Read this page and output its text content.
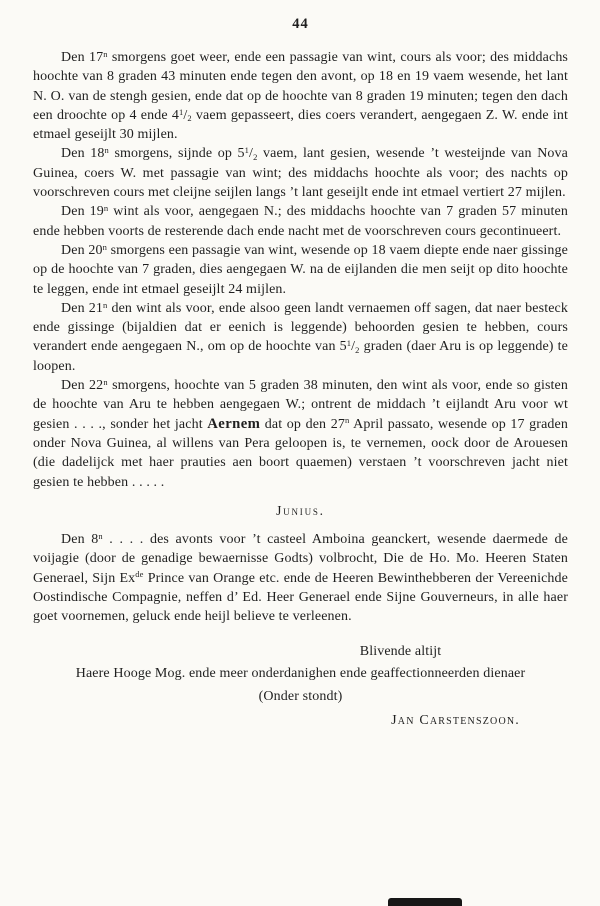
44

Den 17$^n$ smorgens goet weer, ende een passagie van wint, cours als voor; des middachs hoochte van 8 graden 43 minuten ende tegen den avont, op 18 en 19 vaem wesende, het lant N. O. van de stengh gesien, ende dat op de hoochte van 8 graden 19 minuten; tegen den dach een droochte op 4 ende $4^1/_2$ vaem gepasseert, dies coers verandert, aengegaen Z. W. ende int etmael geseijlt 30 mijlen.

Den 18$^n$ smorgens, sijnde op $5^1/_2$ vaem, lant gesien, wesende ’t westeijnde van Nova Guinea, coers W. met passagie van wint; des middachs hoochte als voor; des nachts op voorschreven cours met cleijne seijlen langs ’t lant geseijlt ende int etmael vertiert 27 mijlen.

Den 19$^n$ wint als voor, aengegaen N.; des middachs hoochte van 7 graden 57 minuten ende hebben voorts de resterende dach ende nacht met de voorschreven cours gecontinueert.

Den 20$^n$ smorgens een passagie van wint, wesende op 18 vaem diepte ende naer gissinge op de hoochte van 7 graden, dies aengegaen W. na de eijlanden die men seijt op dito hoochte te leggen, ende int etmael geseijlt 24 mijlen.

Den 21$^n$ den wint als voor, ende alsoo geen landt vernaemen off sagen, dat naer besteck ende gissinge (bijaldien dat er eenich is leggende) behoorden gesien te hebben, cours verandert ende aengegaen N., om op de hoochte van $5^1/_2$ graden (daer Aru is op leggende) te loopen.

Den 22$^n$ smorgens, hoochte van 5 graden 38 minuten, den wint als voor, ende so gisten de hoochte van Aru te hebben aengegaen W.; ontrent de middach ’t eijlandt Aru voor wt gesien . . . ., sonder het jacht Aernem dat op den 27$^n$ April passato, wesende op 17 graden onder Nova Guinea, al willens van Pera geloopen is, te vernemen, oock door de Arouesen (die dadelijck met haer prauties aen boort quaemen) verstaen ’t voorschreven jacht niet gesien te hebben . . . . .

Junius.

Den 8$^n$ . . . . des avonts voor ’t casteel Amboina geanckert, wesende daermede de voijagie (door de genadige bewaernisse Godts) volbrocht, Die de Ho. Mo. Heeren Staten Generael, Sijn $Ex^{de}$ Prince van Orange etc. ende de Heeren Bewinthebberen der Vereenichde Oostindische Compagnie, neffen d’ Ed. Heer Generael ende Sijne Gouverneurs, in alle haer goet voornemen, geluck ende heijl believe te verleenen.

Blivende altijt
Haere Hooge Mog. ende meer onderdanighen ende geaffectionneerden dienaer
(Onder stondt)
Jan Carstenszoon.
